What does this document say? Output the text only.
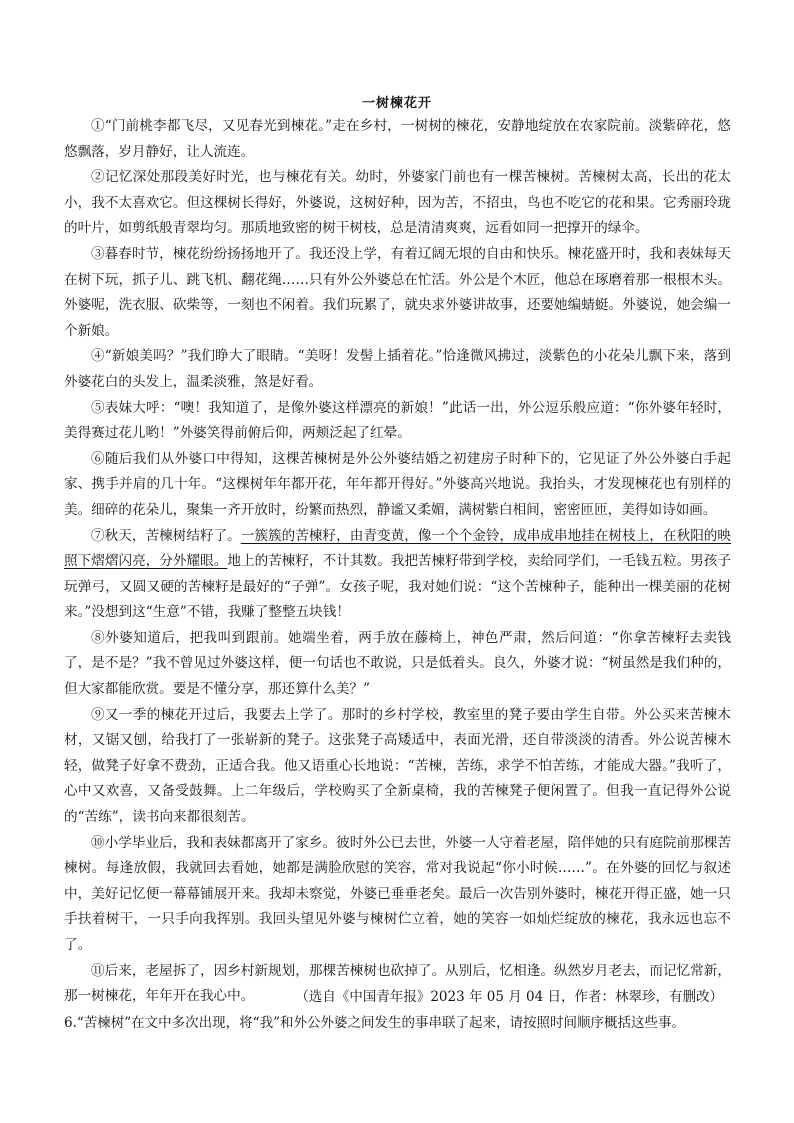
一树楝花开

①“门前桃李都飞尽，又见春光到楝花。”走在乡村，一树树的楝花，安静地绽放在农家院前。淡紫碎花，悠悠飘落，岁月静好，让人流连。

②记忆深处那段美好时光，也与楝花有关。幼时，外婆家门前也有一棵苦楝树。苦楝树太高，长出的花太小，我不太喜欢它。但这棵树长得好，外婆说，这树好种，因为苦，不招虫，鸟也不吃它的花和果。它秀丽玲珑的叶片，如剪纸般青翠均匀。那质地致密的树干树枝，总是清清爽爽，远看如同一把撑开的绿伞。

③暮春时节，楝花纷纷扬扬地开了。我还没上学，有着辽阔无垠的自由和快乐。楝花盛开时，我和表妹每天在树下玩，抓子儿、跳飞机、翻花绳……只有外公外婆总在忙活。外公是个木匠，他总在琢磨着那一根根木头。外婆呢，洗衣服、砍柴等，一刻也不闲着。我们玩累了，就央求外婆讲故事，还要她编蜻蜓。外婆说，她会编一个新娘。

④“新娘美吗？”我们睁大了眼睛。“美呀！发髻上插着花。”恰逢微风拂过，淡紫色的小花朵儿飘下来，落到外婆花白的头发上，温柔淡雅，煞是好看。

⑤表妹大呼：“噢！我知道了，是像外婆这样漂亮的新娘！”此话一出，外公逗乐般应道：“你外婆年轻时，美得赛过花儿哟！”外婆笑得前俯后仰，两颊泛起了红晕。

⑥随后我们从外婆口中得知，这棵苦楝树是外公外婆结婚之初建房子时种下的，它见证了外公外婆白手起家、携手并肩的几十年。“这棵树年年都开花，年年都开得好。”外婆高兴地说。我抬头，才发现楝花也有别样的美。细碎的花朵儿，聚集一齐开放时，纷繁而热烈，静谧又柔媚，满树紫白相间，密密匝匝，美得如诗如画。

⑦秋天，苦楝树结籽了。一簇簇的苦楝籽，由青变黄，像一个个金铃，成串成串地挂在树枝上，在秋阳的映照下熠熠闪亮，分外耀眼。地上的苦楝籽，不计其数。我把苦楝籽带到学校，卖给同学们，一毛钱五粒。男孩子玩弹弓，又圆又硬的苦楝籽是最好的“子弹”。女孩子呢，我对她们说：“这个苦楝种子，能种出一棵美丽的花树来。”没想到这“生意”不错，我赚了整整五块钱！

⑧外婆知道后，把我叫到跟前。她端坐着，两手放在藤椅上，神色严肃，然后问道：“你拿苦楝籽去卖钱了，是不是？”我不曾见过外婆这样，便一句话也不敢说，只是低着头。良久，外婆才说：“树虽然是我们种的，但大家都能欣赏。要是不懂分享，那还算什么美？”

⑨又一季的楝花开过后，我要去上学了。那时的乡村学校，教室里的凳子要由学生自带。外公买来苦楝木材，又锯又刨，给我打了一张崭新的凳子。这张凳子高矮适中，表面光滑，还自带淡淡的清香。外公说苦楝木轻，做凳子好拿不费劲，正适合我。他又语重心长地说：“苦楝，苦练，求学不怕苦练，才能成大器。”我听了，心中又欢喜，又备受鼓舞。上二年级后，学校购买了全新桌椅，我的苦楝凳子便闲置了。但我一直记得外公说的“苦练”，读书向来都很刻苦。

⑩小学毕业后，我和表妹都离开了家乡。彼时外公已去世，外婆一人守着老屋，陪伴她的只有庭院前那棵苦楝树。每逢放假，我就回去看她，她都是满脸欣慰的笑容，常对我说起“你小时候……”。在外婆的回忆与叙述中，美好记忆便一幕幕铺展开来。我却未察觉，外婆已垂垂老矣。最后一次告别外婆时，楝花开得正盛，她一只手扶着树干，一只手向我挥别。我回头望见外婆与楝树伫立着，她的笑容一如灿烂绽放的楝花，我永远也忘不了。

⑪后来，老屋拆了，因乡村新规划，那棵苦楝树也砍掉了。从别后，忆相逢。纵然岁月老去，而记忆常新，那一树楝花，年年开在我心中。	（选自《中国青年报》2023 年 05 月 04 日，作者：林翠珍，有删改）
6.“苦楝树”在文中多次出现，将“我”和外公外婆之间发生的事串联了起来，请按照时间顺序概括这些事。
